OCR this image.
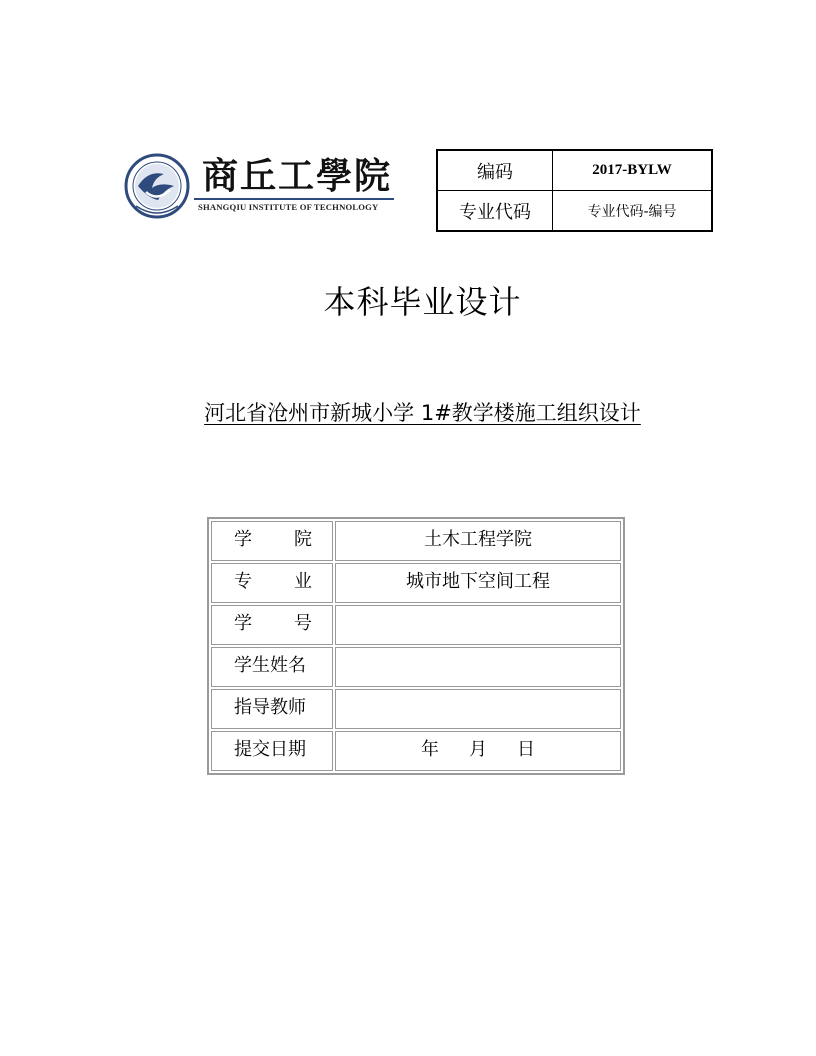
商丘工學院
SHANGQIU INSTITUTE OF TECHNOLOGY
编码	2017-BYLW
专业代码	专业代码-编号
本科毕业设计
河北省沧州市新城小学 1#教学楼施工组织设计
学 院	土木工程学院

专 业	城市地下空间工程

学 号	

学生姓名	

指导教师	

提交日期	年 月 日
